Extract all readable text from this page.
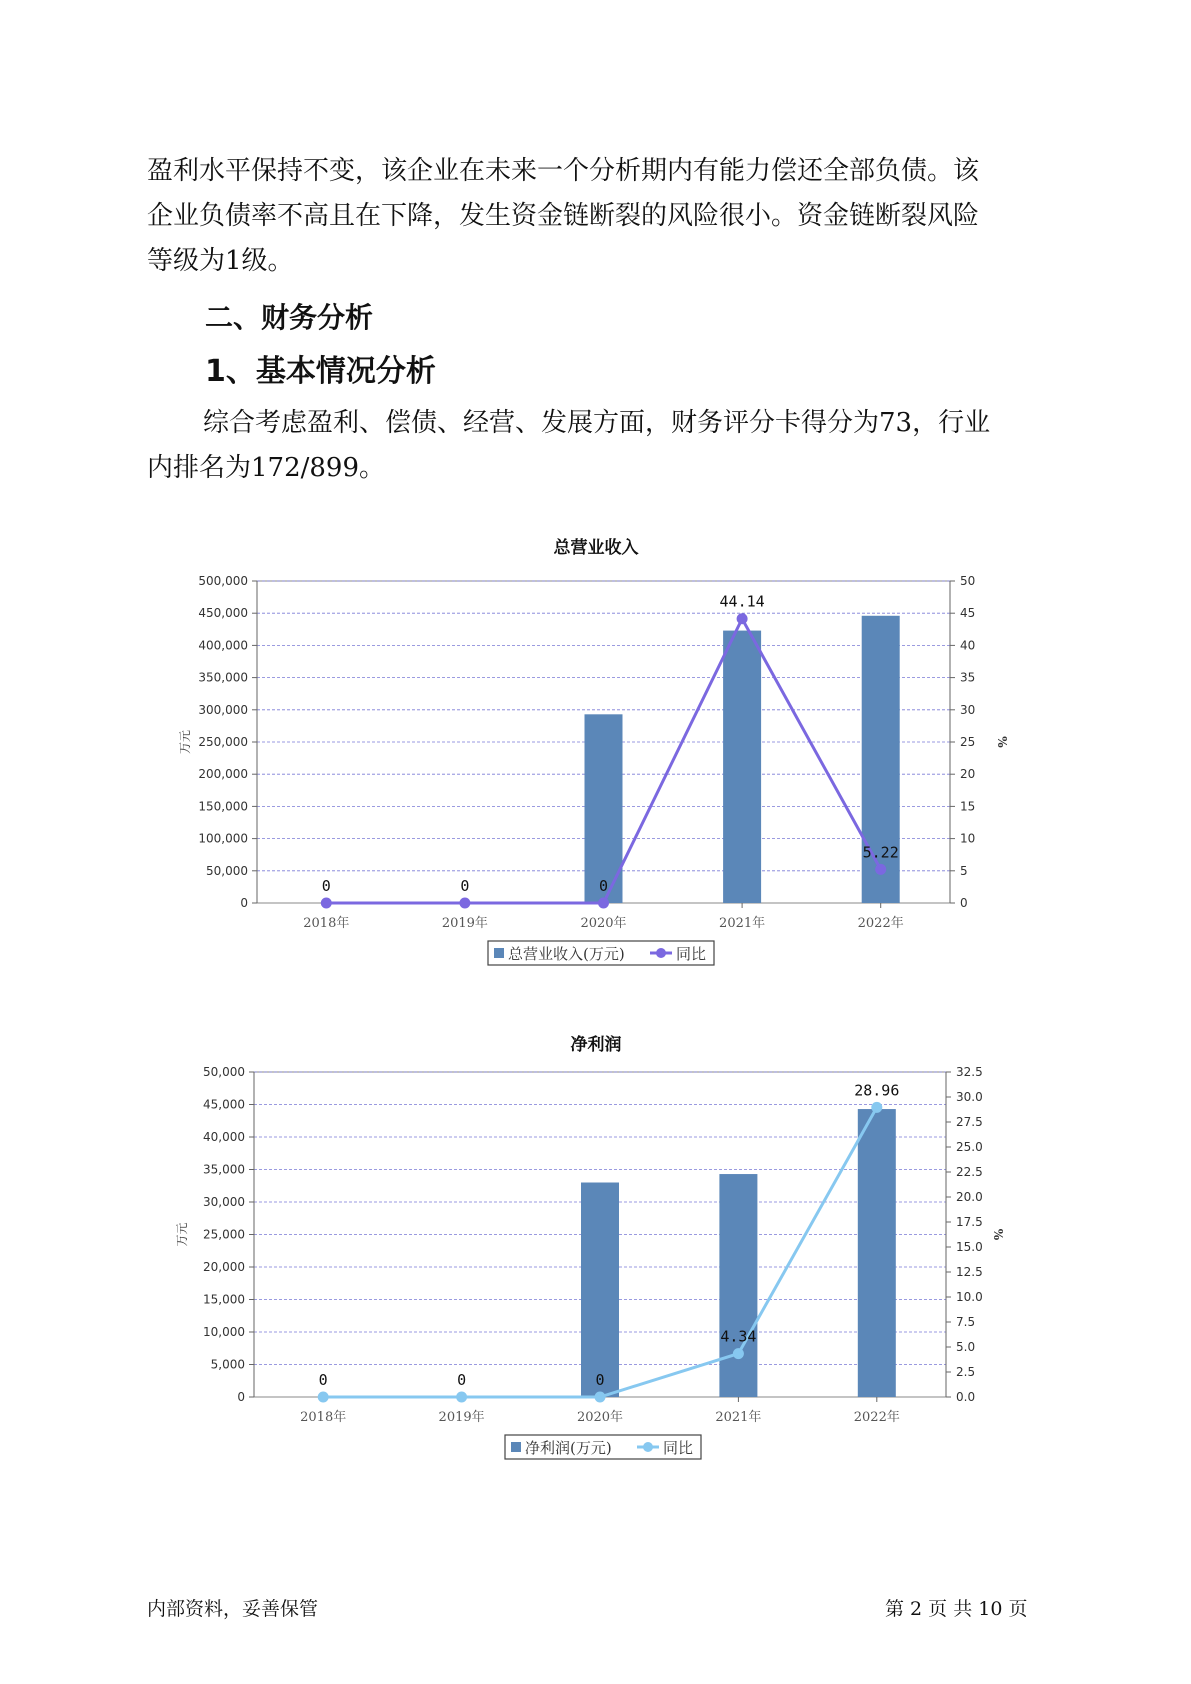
盈利水平保持不变，该企业在未来一个分析期内有能力偿还全部负债。该
企业负债率不高且在下降，发生资金链断裂的风险很小。资金链断裂风险
等级为1级。

二、财务分析
1、基本情况分析

综合考虑盈利、偿债、经营、发展方面，财务评分卡得分为73，行业
内排名为172/899。

总营业收入
0
50,000
100,000
150,000
200,000
250,000
300,000
350,000
400,000
450,000
500,000
0
5
10
15
20
25
30
35
40
45
50
万元	%
2018年	2019年	2020年	2021年	2022年
0	0	0
44.14
5.22
总营业收入(万元)	同比
净利润
0
5,000
10,000
15,000
20,000
25,000
30,000
35,000
40,000
45,000
50,000
0.0
2.5
5.0
7.5
10.0
12.5
15.0
17.5
20.0
22.5
25.0
27.5
30.0
32.5
万元	%
2018年	2019年	2020年	2021年	2022年
0	0	0
4.34
28.96
净利润(万元)	同比
内部资料，妥善保管	第 2 页 共 10 页
